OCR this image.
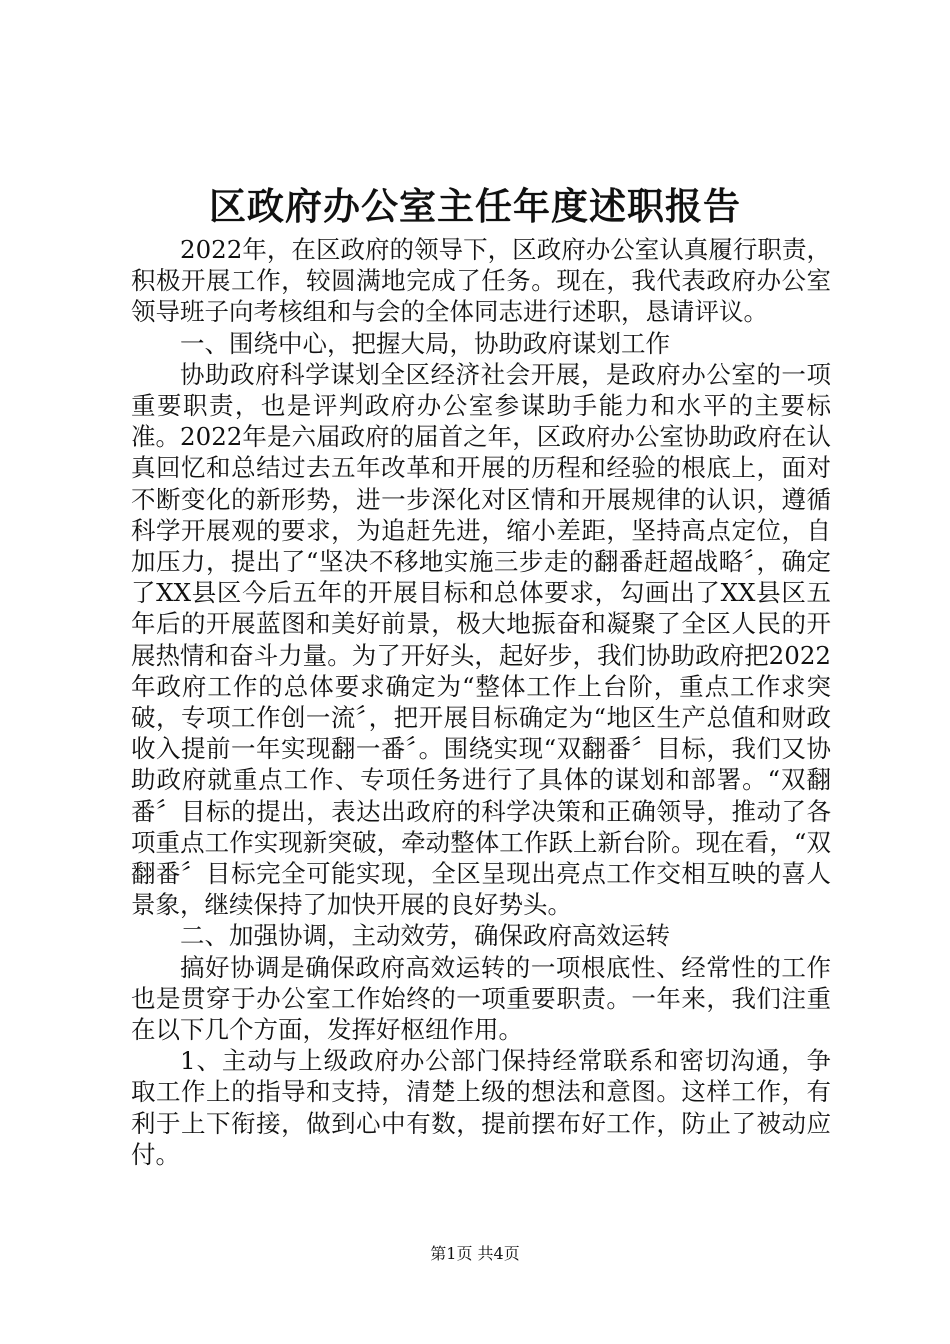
区政府办公室主任年度述职报告

2022年，在区政府的领导下，区政府办公室认真履行职责，积极开展工作，较圆满地完成了任务。现在，我代表政府办公室领导班子向考核组和与会的全体同志进行述职，恳请评议。

一、围绕中心，把握大局，协助政府谋划工作

协助政府科学谋划全区经济社会开展，是政府办公室的一项重要职责，也是评判政府办公室参谋助手能力和水平的主要标准。2022年是六届政府的届首之年，区政府办公室协助政府在认真回忆和总结过去五年改革和开展的历程和经验的根底上，面对不断变化的新形势，进一步深化对区情和开展规律的认识，遵循科学开展观的要求，为追赶先进，缩小差距，坚持高点定位，自加压力，提出了“坚决不移地实施三步走的翻番赶超战略〞，确定了XX县区今后五年的开展目标和总体要求，勾画出了XX县区五年后的开展蓝图和美好前景，极大地振奋和凝聚了全区人民的开展热情和奋斗力量。为了开好头，起好步，我们协助政府把2022年政府工作的总体要求确定为“整体工作上台阶，重点工作求突破，专项工作创一流〞，把开展目标确定为“地区生产总值和财政收入提前一年实现翻一番〞。围绕实现“双翻番〞目标，我们又协助政府就重点工作、专项任务进行了具体的谋划和部署。“双翻番〞目标的提出，表达出政府的科学决策和正确领导，推动了各项重点工作实现新突破，牵动整体工作跃上新台阶。现在看，“双翻番〞目标完全可能实现，全区呈现出亮点工作交相互映的喜人景象，继续保持了加快开展的良好势头。

二、加强协调，主动效劳，确保政府高效运转

搞好协调是确保政府高效运转的一项根底性、经常性的工作也是贯穿于办公室工作始终的一项重要职责。一年来，我们注重在以下几个方面，发挥好枢纽作用。

1、主动与上级政府办公部门保持经常联系和密切沟通，争取工作上的指导和支持，清楚上级的想法和意图。这样工作，有利于上下衔接，做到心中有数，提前摆布好工作，防止了被动应付。

第1页 共4页
